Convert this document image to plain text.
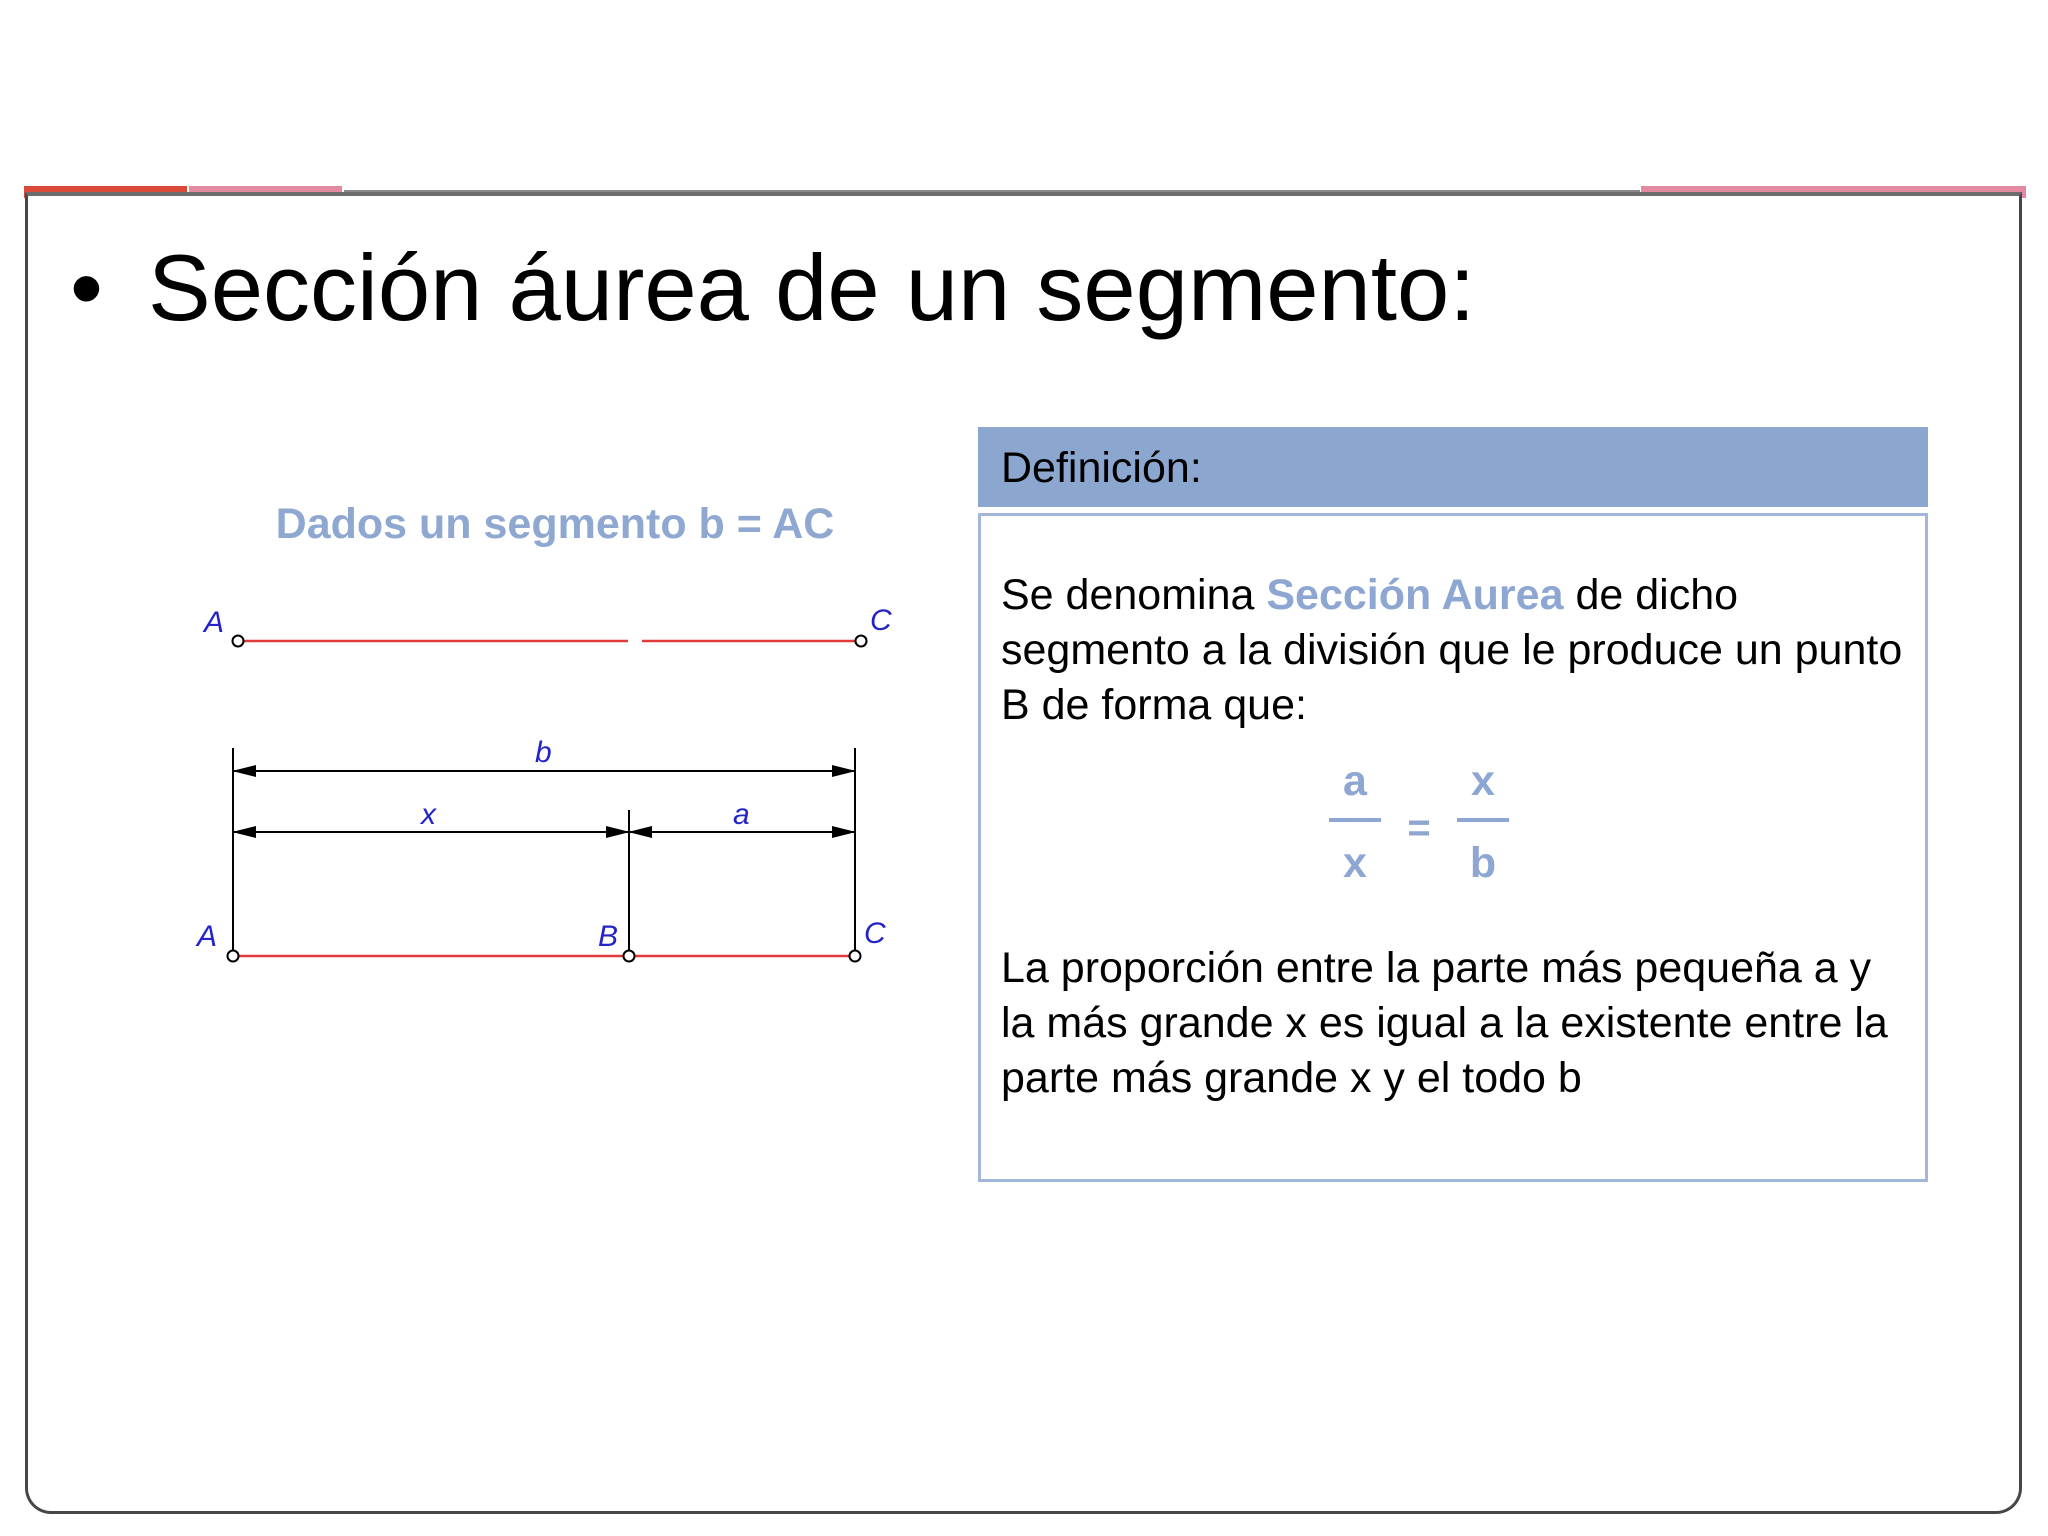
• Sección áurea de un segmento:
Dados un segmento b = AC
A	C
b
x	a
A	B	C
Definición:
Se denomina Sección Aurea de dicho segmento a la división que le produce un punto B de forma que:
a
x
=
x
b
La proporción entre la parte más pequeña a y la más grande x es igual a la existente entre la parte más grande x y el todo b
